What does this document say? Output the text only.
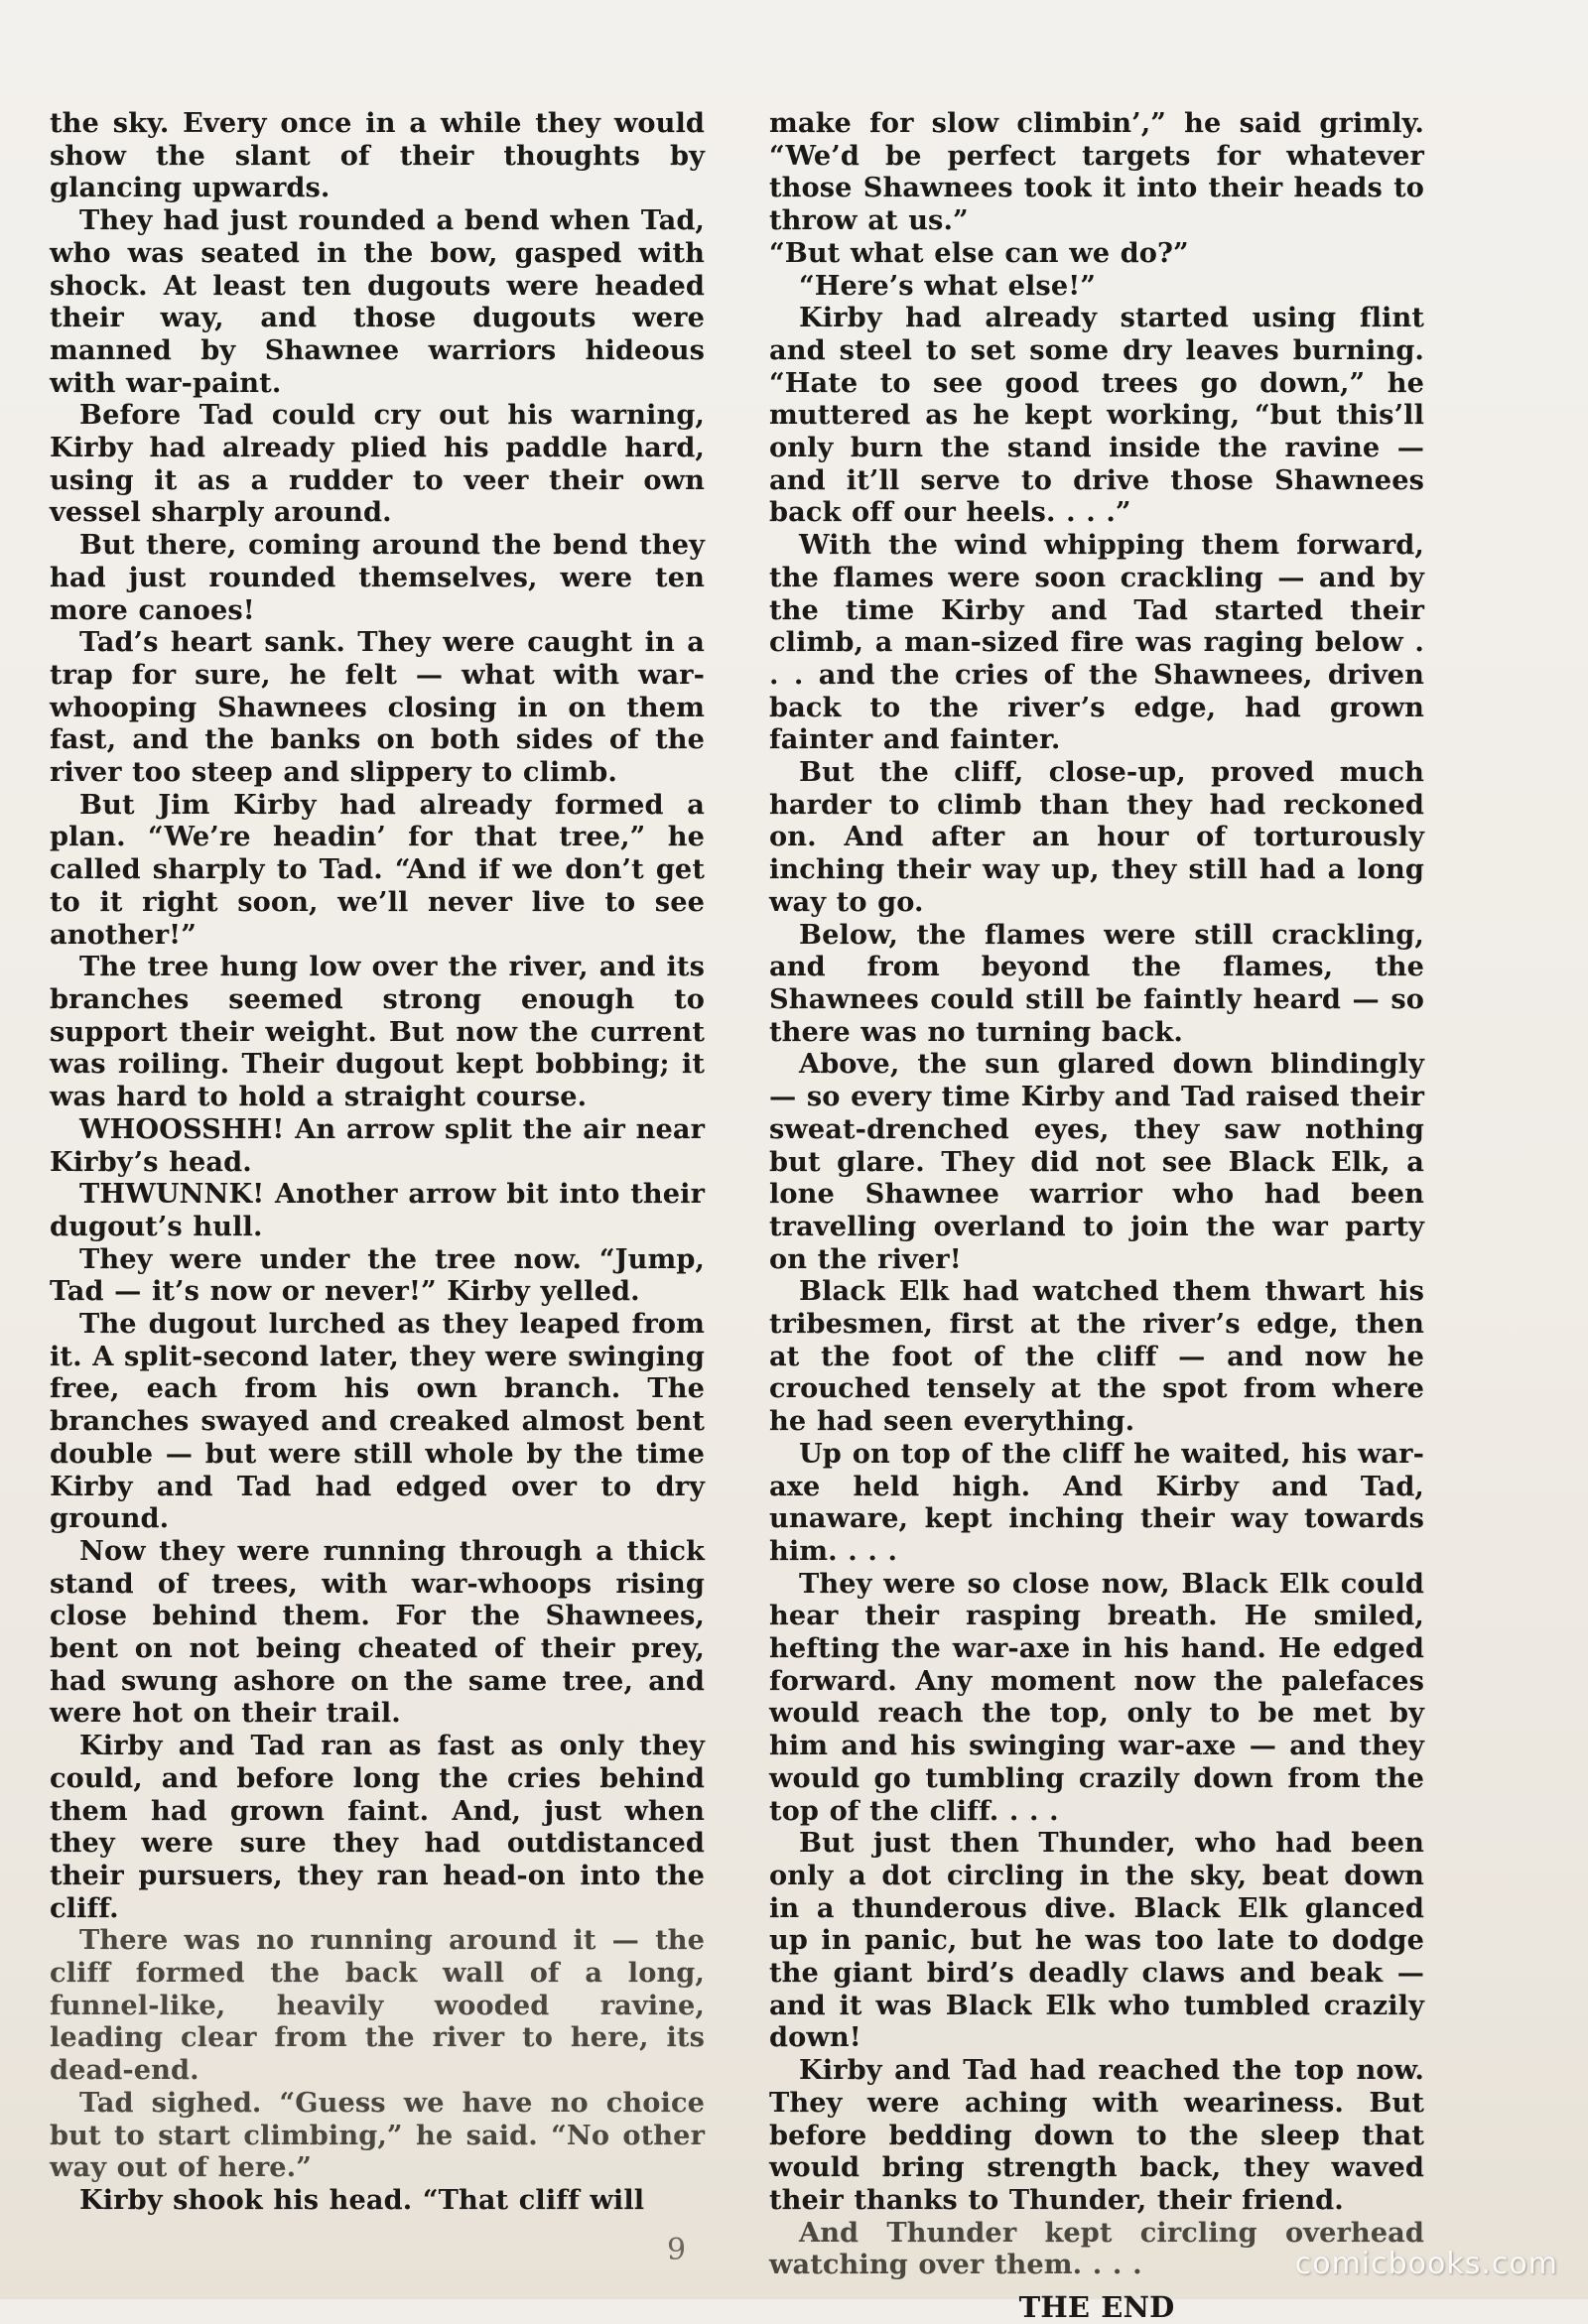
the sky. Every once in a while they would show the slant of their thoughts by glancing upwards.

They had just rounded a bend when Tad, who was seated in the bow, gasped with shock. At least ten dugouts were headed their way, and those dugouts were manned by Shawnee warriors hideous with war-paint.

Before Tad could cry out his warning, Kirby had already plied his paddle hard, using it as a rudder to veer their own vessel sharply around.

But there, coming around the bend they had just rounded themselves, were ten more canoes!

Tad’s heart sank. They were caught in a trap for sure, he felt — what with war-whooping Shawnees closing in on them fast, and the banks on both sides of the river too steep and slippery to climb.

But Jim Kirby had already formed a plan. “We’re headin’ for that tree,” he called sharply to Tad. “And if we don’t get to it right soon, we’ll never live to see another!”

The tree hung low over the river, and its branches seemed strong enough to support their weight. But now the current was roiling. Their dugout kept bobbing; it was hard to hold a straight course.

WHOOSSHH! An arrow split the air near Kirby’s head.

THWUNNK! Another arrow bit into their dugout’s hull.

They were under the tree now. “Jump, Tad — it’s now or never!” Kirby yelled.

The dugout lurched as they leaped from it. A split-second later, they were swinging free, each from his own branch. The branches swayed and creaked almost bent double — but were still whole by the time Kirby and Tad had edged over to dry ground.

Now they were running through a thick stand of trees, with war-whoops rising close behind them. For the Shawnees, bent on not being cheated of their prey, had swung ashore on the same tree, and were hot on their trail.

Kirby and Tad ran as fast as only they could, and before long the cries behind them had grown faint. And, just when they were sure they had outdistanced their pursuers, they ran head-on into the cliff.

There was no running around it — the cliff formed the back wall of a long, funnel-like, heavily wooded ravine, leading clear from the river to here, its dead-end.

Tad sighed. “Guess we have no choice but to start climbing,” he said. “No other way out of here.”

Kirby shook his head. “That cliff will

make for slow climbin’,” he said grimly. “We’d be perfect targets for whatever those Shawnees took it into their heads to throw at us.”

“But what else can we do?”

“Here’s what else!”

Kirby had already started using flint and steel to set some dry leaves burning. “Hate to see good trees go down,” he muttered as he kept working, “but this’ll only burn the stand inside the ravine — and it’ll serve to drive those Shawnees back off our heels. . . .”

With the wind whipping them forward, the flames were soon crackling — and by the time Kirby and Tad started their climb, a man-sized fire was raging below . . . and the cries of the Shawnees, driven back to the river’s edge, had grown fainter and fainter.

But the cliff, close-up, proved much harder to climb than they had reckoned on. And after an hour of torturously inching their way up, they still had a long way to go.

Below, the flames were still crackling, and from beyond the flames, the Shawnees could still be faintly heard — so there was no turning back.

Above, the sun glared down blindingly — so every time Kirby and Tad raised their sweat-drenched eyes, they saw nothing but glare. They did not see Black Elk, a lone Shawnee warrior who had been travelling overland to join the war party on the river!

Black Elk had watched them thwart his tribesmen, first at the river’s edge, then at the foot of the cliff — and now he crouched tensely at the spot from where he had seen everything.

Up on top of the cliff he waited, his war-axe held high. And Kirby and Tad, unaware, kept inching their way towards him. . . .

They were so close now, Black Elk could hear their rasping breath. He smiled, hefting the war-axe in his hand. He edged forward. Any moment now the palefaces would reach the top, only to be met by him and his swinging war-axe — and they would go tumbling crazily down from the top of the cliff. . . .

But just then Thunder, who had been only a dot circling in the sky, beat down in a thunderous dive. Black Elk glanced up in panic, but he was too late to dodge the giant bird’s deadly claws and beak — and it was Black Elk who tumbled crazily down!

Kirby and Tad had reached the top now. They were aching with weariness. But before bedding down to the sleep that would bring strength back, they waved their thanks to Thunder, their friend.

And Thunder kept circling overhead watching over them. . . .

THE END

9	comicbooks.com
